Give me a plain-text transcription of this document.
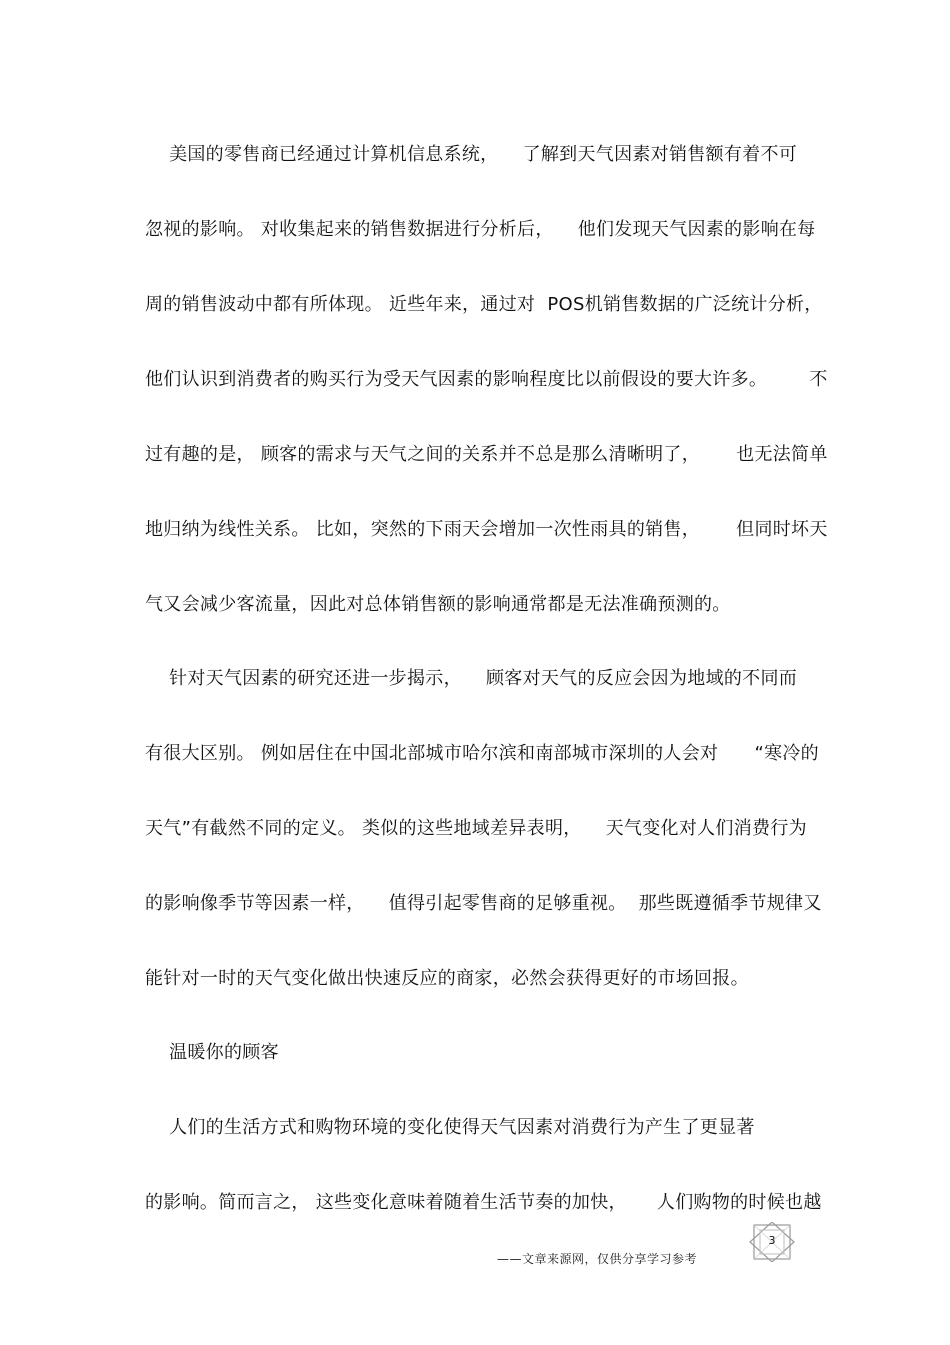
美国的零售商已经通过计算机信息系统，    了解到天气因素对销售额有着不可
忽视的影响。 对收集起来的销售数据进行分析后，    他们发现天气因素的影响在每
周的销售波动中都有所体现。 近些年来，通过对  POS机销售数据的广泛统计分析，
他们认识到消费者的购买行为受天气因素的影响程度比以前假设的要大许多。       不
过有趣的是， 顾客的需求与天气之间的关系并不总是那么清晰明了，      也无法简单
地归纳为线性关系。 比如，突然的下雨天会增加一次性雨具的销售，      但同时坏天
气又会减少客流量，因此对总体销售额的影响通常都是无法准确预测的。
针对天气因素的研究还进一步揭示，    顾客对天气的反应会因为地域的不同而
有很大区别。 例如居住在中国北部城市哈尔滨和南部城市深圳的人会对      “寒冷的
天气”有截然不同的定义。 类似的这些地域差异表明，    天气变化对人们消费行为
的影响像季节等因素一样，    值得引起零售商的足够重视。  那些既遵循季节规律又
能针对一时的天气变化做出快速反应的商家，必然会获得更好的市场回报。
温暖你的顾客
人们的生活方式和购物环境的变化使得天气因素对消费行为产生了更显著
的影响。简而言之， 这些变化意味着随着生活节奏的加快，     人们购物的时候也越
3
——文章来源网，仅供分享学习参考
